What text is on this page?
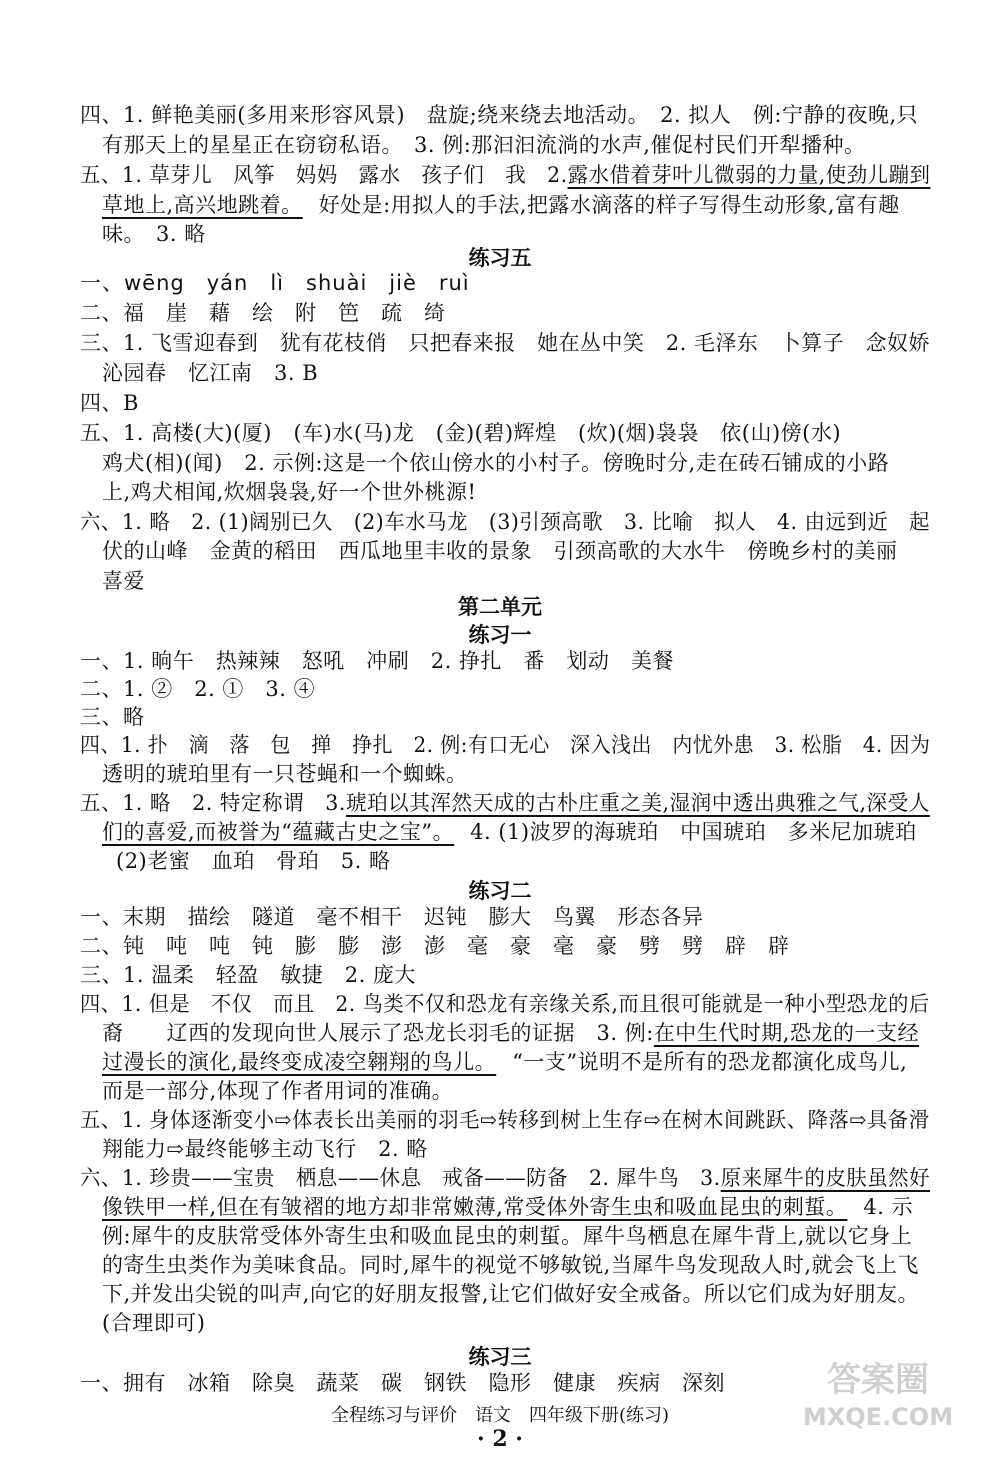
四、1. 鲜艳美丽(多用来形容风景)　盘旋;绕来绕去地活动。　2. 拟人　例:宁静的夜晚,只
有那天上的星星正在窃窃私语。　3. 例:那汩汩流淌的水声,催促村民们开犁播种。
五、1. 草芽儿　风筝　妈妈　露水　孩子们　我　2.露水借着芽叶儿微弱的力量,使劲儿蹦到
草地上,高兴地跳着。 好处是:用拟人的手法,把露水滴落的样子写得生动形象,富有趣
味。　3. 略
练习五
一、wēng　yán　lì　shuài　jiè　ruì
二、福　崖　藉　绘　附　笆　疏　绮
三、1. 飞雪迎春到　犹有花枝俏　只把春来报　她在丛中笑　2. 毛泽东　卜算子　念奴娇
沁园春　忆江南　3. B
四、B
五、1. 高楼(大)(厦)　(车)水(马)龙　(金)(碧)辉煌　(炊)(烟)袅袅　依(山)傍(水)
鸡犬(相)(闻)　2. 示例:这是一个依山傍水的小村子。傍晚时分,走在砖石铺成的小路
上,鸡犬相闻,炊烟袅袅,好一个世外桃源!
六、1. 略　2. (1)阔别已久　(2)车水马龙　(3)引颈高歌　3. 比喻　拟人　4. 由远到近　起
伏的山峰　金黄的稻田　西瓜地里丰收的景象　引颈高歌的大水牛　傍晚乡村的美丽
喜爱
第二单元
练习一
一、1. 晌午　热辣辣　怒吼　冲刷　2. 挣扎　番　划动　美餐
二、1. ②　2. ①　3. ④
三、略
四、1. 扑　滴　落　包　掸　挣扎　2. 例:有口无心　深入浅出　内忧外患　3. 松脂　4. 因为
透明的琥珀里有一只苍蝇和一个蜘蛛。
五、1. 略　2. 特定称谓　3.琥珀以其浑然天成的古朴庄重之美,湿润中透出典雅之气,深受人
们的喜爱,而被誉为“蕴藏古史之宝”。 4. (1)波罗的海琥珀　中国琥珀　多米尼加琥珀
(2)老蜜　血珀　骨珀　5. 略
练习二
一、末期　描绘　隧道　毫不相干　迟钝　膨大　鸟翼　形态各异
二、钝　吨　吨　钝　膨　膨　澎　澎　毫　豪　毫　豪　劈　劈　辟　辟
三、1. 温柔　轻盈　敏捷　2. 庞大
四、1. 但是　不仅　而且　2. 鸟类不仅和恐龙有亲缘关系,而且很可能就是一种小型恐龙的后
裔　　辽西的发现向世人展示了恐龙长羽毛的证据　3. 例:在中生代时期,恐龙的一支经
过漫长的演化,最终变成凌空翱翔的鸟儿。 “一支”说明不是所有的恐龙都演化成鸟儿,
而是一部分,体现了作者用词的准确。
五、1. 身体逐渐变小⇨体表长出美丽的羽毛⇨转移到树上生存⇨在树木间跳跃、降落⇨具备滑
翔能力⇨最终能够主动飞行　2. 略
六、1. 珍贵——宝贵　栖息——休息　戒备——防备　2. 犀牛鸟　3.原来犀牛的皮肤虽然好
像铁甲一样,但在有皱褶的地方却非常嫩薄,常受体外寄生虫和吸血昆虫的刺蜇。 4. 示
例:犀牛的皮肤常受体外寄生虫和吸血昆虫的刺蜇。犀牛鸟栖息在犀牛背上,就以它身上
的寄生虫类作为美味食品。同时,犀牛的视觉不够敏锐,当犀牛鸟发现敌人时,就会飞上飞
下,并发出尖锐的叫声,向它的好朋友报警,让它们做好安全戒备。所以它们成为好朋友。
(合理即可)
练习三
一、拥有　冰箱　除臭　蔬菜　碳　钢铁　隐形　健康　疾病　深刻
全程练习与评价　语文　四年级下册(练习)
· 2 ·
答案圈
MXQE.COM
